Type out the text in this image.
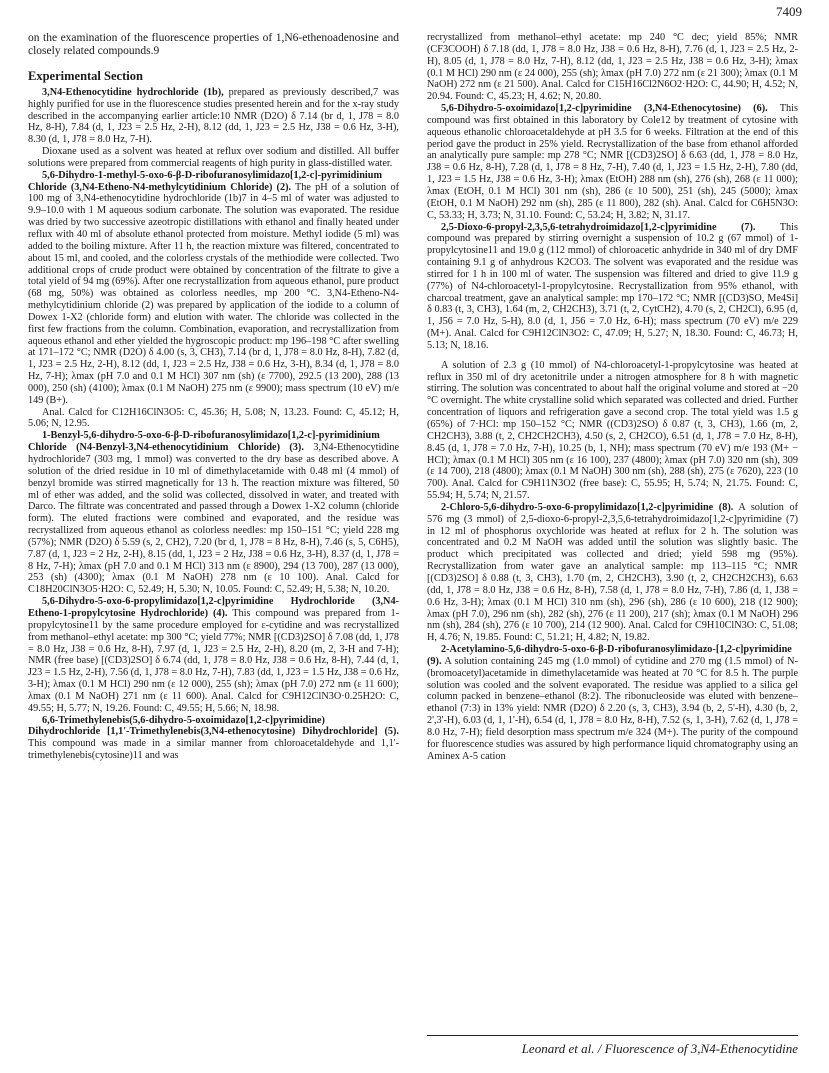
7409

on the examination of the fluorescence properties of 1,N6-ethenoadenosine and closely related compounds.9

Experimental Section

3,N4-Ethenocytidine hydrochloride (1b), prepared as previously described,7 was highly purified for use in the fluorescence studies presented herein and for the x-ray study described in the accompanying earlier article:10 NMR (D2O) δ 7.14 (br d, 1, J78 = 8.0 Hz, 8-H), 7.84 (d, 1, J23 = 2.5 Hz, 2-H), 8.12 (dd, 1, J23 = 2.5 Hz, J38 = 0.6 Hz, 3-H), 8.30 (d, 1, J78 = 8.0 Hz, 7-H).

Dioxane used as a solvent was heated at reflux over sodium and distilled. All buffer solutions were prepared from commercial reagents of high purity in glass-distilled water.

5,6-Dihydro-1-methyl-5-oxo-6-β-D-ribofuranosylimidazo[1,2-c]-pyrimidinium Chloride (3,N4-Etheno-N4-methylcytidinium Chloride) (2). The pH of a solution of 100 mg of 3,N4-ethenocytidine hydrochloride (1b)7 in 4–5 ml of water was adjusted to 9.9–10.0 with 1 M aqueous sodium carbonate. The solution was evaporated. The residue was dried by two successive azeotropic distillations with ethanol and finally heated under reflux with 40 ml of absolute ethanol protected from moisture. Methyl iodide (5 ml) was added to the boiling mixture. After 11 h, the reaction mixture was filtered, concentrated to about 15 ml, and cooled, and the colorless crystals of the methiodide were collected. Two additional crops of crude product were obtained by concentration of the filtrate to give a total yield of 94 mg (69%). After one recrystallization from aqueous ethanol, pure product (68 mg, 50%) was obtained as colorless needles, mp 200 °C. 3,N4-Etheno-N4-methylcytidinium chloride (2) was prepared by application of the iodide to a column of Dowex 1-X2 (chloride form) and elution with water. The chloride was collected in the first few fractions from the column. Combination, evaporation, and recrystallization from aqueous ethanol and ether yielded the hygroscopic product: mp 196–198 °C after swelling at 171–172 °C; NMR (D2O) δ 4.00 (s, 3, CH3), 7.14 (br d, 1, J78 = 8.0 Hz, 8-H), 7.82 (d, 1, J23 = 2.5 Hz, 2-H), 8.12 (dd, 1, J23 = 2.5 Hz, J38 = 0.6 Hz, 3-H), 8.34 (d, 1, J78 = 8.0 Hz, 7-H); λmax (pH 7.0 and 0.1 M HCl) 307 nm (sh) (ε 7700), 292.5 (13 200), 288 (13 000), 250 (sh) (4100); λmax (0.1 M NaOH) 275 nm (ε 9900); mass spectrum (10 eV) m/e 149 (B+).

Anal. Calcd for C12H16ClN3O5: C, 45.36; H, 5.08; N, 13.23. Found: C, 45.12; H, 5.06; N, 12.95.

1-Benzyl-5,6-dihydro-5-oxo-6-β-D-ribofuranosylimidazo[1,2-c]-pyrimidinium Chloride (N4-Benzyl-3,N4-ethenocytidinium Chloride) (3). 3,N4-Ethenocytidine hydrochloride7 (303 mg, 1 mmol) was converted to the dry base as described above. A solution of the dried residue in 10 ml of dimethylacetamide with 0.48 ml (4 mmol) of benzyl bromide was stirred magnetically for 13 h. The reaction mixture was filtered, 50 ml of ether was added, and the solid was collected, dissolved in water, and treated with Darco. The filtrate was concentrated and passed through a Dowex 1-X2 column (chloride form). The eluted fractions were combined and evaporated, and the residue was recrystallized from aqueous ethanol as colorless needles: mp 150–151 °C; yield 228 mg (57%); NMR (D2O) δ 5.59 (s, 2, CH2), 7.20 (br d, 1, J78 = 8 Hz, 8-H), 7.46 (s, 5, C6H5), 7.87 (d, 1, J23 = 2 Hz, 2-H), 8.15 (dd, 1, J23 = 2 Hz, J38 = 0.6 Hz, 3-H), 8.37 (d, 1, J78 = 8 Hz, 7-H); λmax (pH 7.0 and 0.1 M HCl) 313 nm (ε 8900), 294 (13 700), 287 (13 000), 253 (sh) (4300); λmax (0.1 M NaOH) 278 nm (ε 10 100). Anal. Calcd for C18H20ClN3O5·H2O: C, 52.49; H, 5.30; N, 10.05. Found: C, 52.49; H, 5.38; N, 10.20.

5,6-Dihydro-5-oxo-6-propylimidazo[1,2-c]pyrimidine Hydrochloride (3,N4-Etheno-1-propylcytosine Hydrochloride) (4). This compound was prepared from 1-propylcytosine11 by the same procedure employed for ε-cytidine and was recrystallized from methanol–ethyl acetate: mp 300 °C; yield 77%; NMR [(CD3)2SO] δ 7.08 (dd, 1, J78 = 8.0 Hz, J38 = 0.6 Hz, 8-H), 7.97 (d, 1, J23 = 2.5 Hz, 2-H), 8.20 (m, 2, 3-H and 7-H); NMR (free base) [(CD3)2SO] δ 6.74 (dd, 1, J78 = 8.0 Hz, J38 = 0.6 Hz, 8-H), 7.44 (d, 1, J23 = 1.5 Hz, 2-H), 7.56 (d, 1, J78 = 8.0 Hz, 7-H), 7.83 (dd, 1, J23 = 1.5 Hz, J38 = 0.6 Hz, 3-H); λmax (0.1 M HCl) 290 nm (ε 12 000), 255 (sh); λmax (pH 7.0) 272 nm (ε 11 600); λmax (0.1 M NaOH) 271 nm (ε 11 600). Anal. Calcd for C9H12ClN3O·0.25H2O: C, 49.55; H, 5.77; N, 19.26. Found: C, 49.55; H, 5.66; N, 18.98.

6,6-Trimethylenebis(5,6-dihydro-5-oxoimidazo[1,2-c]pyrimidine) Dihydrochloride [1,1'-Trimethylenebis(3,N4-ethenocytosine) Dihydrochloride] (5). This compound was made in a similar manner from chloroacetaldehyde and 1,1'-trimethylenebis(cytosine)11 and was

recrystallized from methanol–ethyl acetate: mp 240 °C dec; yield 85%; NMR (CF3COOH) δ 7.18 (dd, 1, J78 = 8.0 Hz, J38 = 0.6 Hz, 8-H), 7.76 (d, 1, J23 = 2.5 Hz, 2-H), 8.05 (d, 1, J78 = 8.0 Hz, 7-H), 8.12 (dd, 1, J23 = 2.5 Hz, J38 = 0.6 Hz, 3-H); λmax (0.1 M HCl) 290 nm (ε 24 000), 255 (sh); λmax (pH 7.0) 272 nm (ε 21 300); λmax (0.1 M NaOH) 272 nm (ε 21 500). Anal. Calcd for C15H16Cl2N6O2·H2O: C, 44.90; H, 4.52; N, 20.94. Found: C, 45.23; H, 4.62; N, 20.80.

5,6-Dihydro-5-oxoimidazo[1,2-c]pyrimidine (3,N4-Ethenocytosine) (6). This compound was first obtained in this laboratory by Cole12 by treatment of cytosine with aqueous ethanolic chloroacetaldehyde at pH 3.5 for 6 weeks. Filtration at the end of this period gave the product in 25% yield. Recrystallization of the base from ethanol afforded an analytically pure sample: mp 278 °C; NMR [(CD3)2SO] δ 6.63 (dd, 1, J78 = 8.0 Hz, J38 = 0.6 Hz, 8-H), 7.28 (d, 1, J78 = 8 Hz, 7-H), 7.40 (d, 1, J23 = 1.5 Hz, 2-H), 7.80 (dd, 1, J23 = 1.5 Hz, J38 = 0.6 Hz, 3-H); λmax (EtOH) 288 nm (sh), 276 (sh), 268 (ε 11 000); λmax (EtOH, 0.1 M HCl) 301 nm (sh), 286 (ε 10 500), 251 (sh), 245 (5000); λmax (EtOH, 0.1 M NaOH) 292 nm (sh), 285 (ε 11 800), 282 (sh). Anal. Calcd for C6H5N3O: C, 53.33; H, 3.73; N, 31.10. Found: C, 53.24; H, 3.82; N, 31.17.

2,5-Dioxo-6-propyl-2,3,5,6-tetrahydroimidazo[1,2-c]pyrimidine (7). This compound was prepared by stirring overnight a suspension of 10.2 g (67 mmol) of 1-propylcytosine11 and 19.0 g (112 mmol) of chloroacetic anhydride in 340 ml of dry DMF containing 9.1 g of anhydrous K2CO3. The solvent was evaporated and the residue was stirred for 1 h in 100 ml of water. The suspension was filtered and dried to give 11.9 g (77%) of N4-chloroacetyl-1-propylcytosine. Recrystallization from 95% ethanol, with charcoal treatment, gave an analytical sample: mp 170–172 °C; NMR [(CD3)SO, Me4Si] δ 0.83 (t, 3, CH3), 1.64 (m, 2, CH2CH3), 3.71 (t, 2, CytCH2), 4.70 (s, 2, CH2Cl), 6.95 (d, 1, J56 = 7.0 Hz, 5-H), 8.0 (d, 1, J56 = 7.0 Hz, 6-H); mass spectrum (70 eV) m/e 229 (M+). Anal. Calcd for C9H12ClN3O2: C, 47.09; H, 5.27; N, 18.30. Found: C, 46.73; H, 5.13; N, 18.16.

A solution of 2.3 g (10 mmol) of N4-chloroacetyl-1-propylcytosine was heated at reflux in 350 ml of dry acetonitrile under a nitrogen atmosphere for 8 h with magnetic stirring. The solution was concentrated to about half the original volume and stored at −20 °C overnight. The white crystalline solid which separated was collected and dried. Further concentration of liquors and refrigeration gave a second crop. The total yield was 1.5 g (65%) of 7·HCl: mp 150–152 °C; NMR ((CD3)2SO) δ 0.87 (t, 3, CH3), 1.66 (m, 2, CH2CH3), 3.88 (t, 2, CH2CH2CH3), 4.50 (s, 2, CH2CO), 6.51 (d, 1, J78 = 7.0 Hz, 8-H), 8.45 (d, 1, J78 = 7.0 Hz, 7-H), 10.25 (b, 1, NH); mass spectrum (70 eV) m/e 193 (M+ − HCl); λmax (0.1 M HCl) 305 nm (ε 16 100), 237 (4800); λmax (pH 7.0) 320 nm (sh), 309 (ε 14 700), 218 (4800); λmax (0.1 M NaOH) 300 nm (sh), 288 (sh), 275 (ε 7620), 223 (10 700). Anal. Calcd for C9H11N3O2 (free base): C, 55.95; H, 5.74; N, 21.75. Found: C, 55.94; H, 5.74; N, 21.57.

2-Chloro-5,6-dihydro-5-oxo-6-propylimidazo[1,2-c]pyrimidine (8). A solution of 576 mg (3 mmol) of 2,5-dioxo-6-propyl-2,3,5,6-tetrahydroimidazo[1,2-c]pyrimidine (7) in 12 ml of phosphorus oxychloride was heated at reflux for 2 h. The solution was concentrated and 0.2 M NaOH was added until the solution was slightly basic. The product which precipitated was collected and dried; yield 598 mg (95%). Recrystallization from water gave an analytical sample: mp 113–115 °C; NMR [(CD3)2SO] δ 0.88 (t, 3, CH3), 1.70 (m, 2, CH2CH3), 3.90 (t, 2, CH2CH2CH3), 6.63 (dd, 1, J78 = 8.0 Hz, J38 = 0.6 Hz, 8-H), 7.58 (d, 1, J78 = 8.0 Hz, 7-H), 7.86 (d, 1, J38 = 0.6 Hz, 3-H); λmax (0.1 M HCl) 310 nm (sh), 296 (sh), 286 (ε 10 600), 218 (12 900); λmax (pH 7.0), 296 nm (sh), 282 (sh), 276 (ε 11 200), 217 (sh); λmax (0.1 M NaOH) 296 nm (sh), 284 (sh), 276 (ε 10 700), 214 (12 900). Anal. Calcd for C9H10ClN3O: C, 51.08; H, 4.76; N, 19.85. Found: C, 51.21; H, 4.82; N, 19.82.

2-Acetylamino-5,6-dihydro-5-oxo-6-β-D-ribofuranosylimidazo-[1,2-c]pyrimidine (9). A solution containing 245 mg (1.0 mmol) of cytidine and 270 mg (1.5 mmol) of N-(bromoacetyl)acetamide in dimethylacetamide was heated at 70 °C for 8.5 h. The purple solution was cooled and the solvent evaporated. The residue was applied to a silica gel column packed in benzene–ethanol (8:2). The ribonucleoside was eluted with benzene–ethanol (7:3) in 13% yield: NMR (D2O) δ 2.20 (s, 3, CH3), 3.94 (b, 2, 5'-H), 4.30 (b, 2, 2',3'-H), 6.03 (d, 1, 1'-H), 6.54 (d, 1, J78 = 8.0 Hz, 8-H), 7.52 (s, 1, 3-H), 7.62 (d, 1, J78 = 8.0 Hz, 7-H); field desorption mass spectrum m/e 324 (M+). The purity of the compound for fluorescence studies was assured by high performance liquid chromatography using an Aminex A-5 cation

Leonard et al. / Fluorescence of 3,N4-Ethenocytidine
